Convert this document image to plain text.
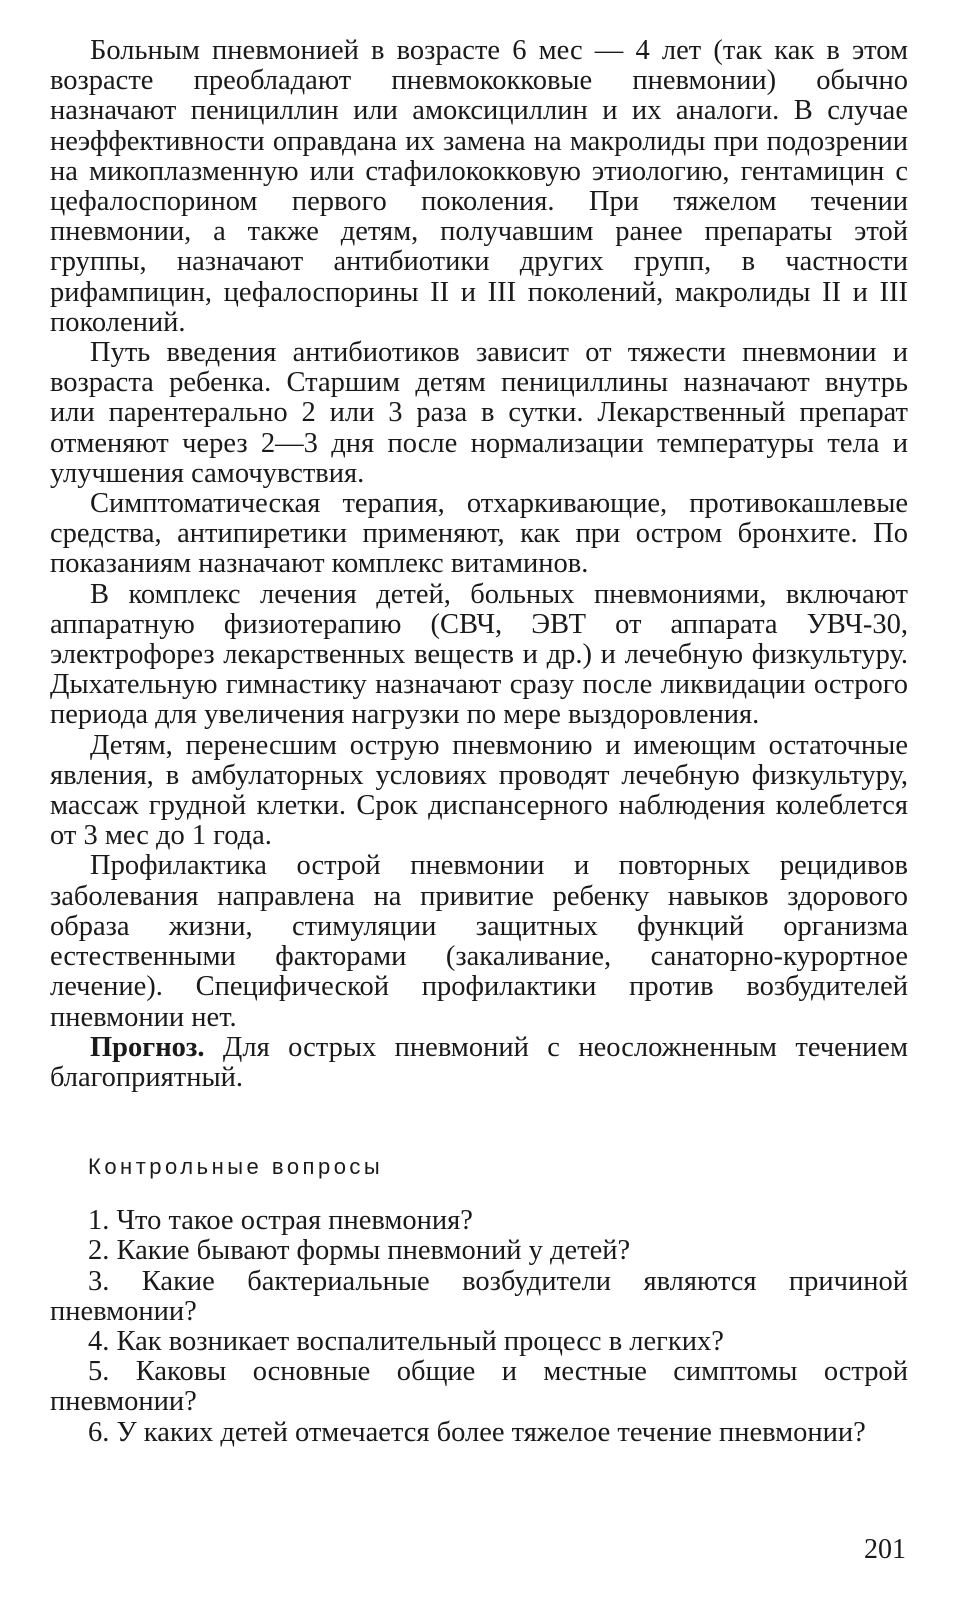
Больным пневмонией в возрасте 6 мес — 4 лет (так как в этом возрасте преобладают пневмококковые пневмонии) обычно назначают пенициллин или амоксициллин и их аналоги. В случае неэффективности оправдана их замена на макролиды при подозрении на микоплазменную или стафилококковую этиологию, гентамицин с цефалоспорином первого поколения. При тяжелом течении пневмонии, а также детям, получавшим ранее препараты этой группы, назначают антибиотики других групп, в частности рифампицин, цефалоспорины II и III поколений, макролиды II и III поколений.

Путь введения антибиотиков зависит от тяжести пневмонии и возраста ребенка. Старшим детям пенициллины назначают внутрь или парентерально 2 или 3 раза в сутки. Лекарственный препарат отменяют через 2—3 дня после нормализации температуры тела и улучшения самочувствия.

Симптоматическая терапия, отхаркивающие, противокашлевые средства, антипиретики применяют, как при остром бронхите. По показаниям назначают комплекс витаминов.

В комплекс лечения детей, больных пневмониями, включают аппаратную физиотерапию (СВЧ, ЭВТ от аппарата УВЧ-30, электрофорез лекарственных веществ и др.) и лечебную физкультуру. Дыхательную гимнастику назначают сразу после ликвидации острого периода для увеличения нагрузки по мере выздоровления.

Детям, перенесшим острую пневмонию и имеющим остаточные явления, в амбулаторных условиях проводят лечебную физкультуру, массаж грудной клетки. Срок диспансерного наблюдения колеблется от 3 мес до 1 года.

Профилактика острой пневмонии и повторных рецидивов заболевания направлена на привитие ребенку навыков здорового образа жизни, стимуляции защитных функций организма естественными факторами (закаливание, санаторно-курортное лечение). Специфической профилактики против возбудителей пневмонии нет.

Прогноз. Для острых пневмоний с неосложненным течением благоприятный.

Контрольные вопросы

1. Что такое острая пневмония?

2. Какие бывают формы пневмоний у детей?

3. Какие бактериальные возбудители являются причиной пневмонии?

4. Как возникает воспалительный процесс в легких?

5. Каковы основные общие и местные симптомы острой пневмонии?

6. У каких детей отмечается более тяжелое течение пневмонии?

201
